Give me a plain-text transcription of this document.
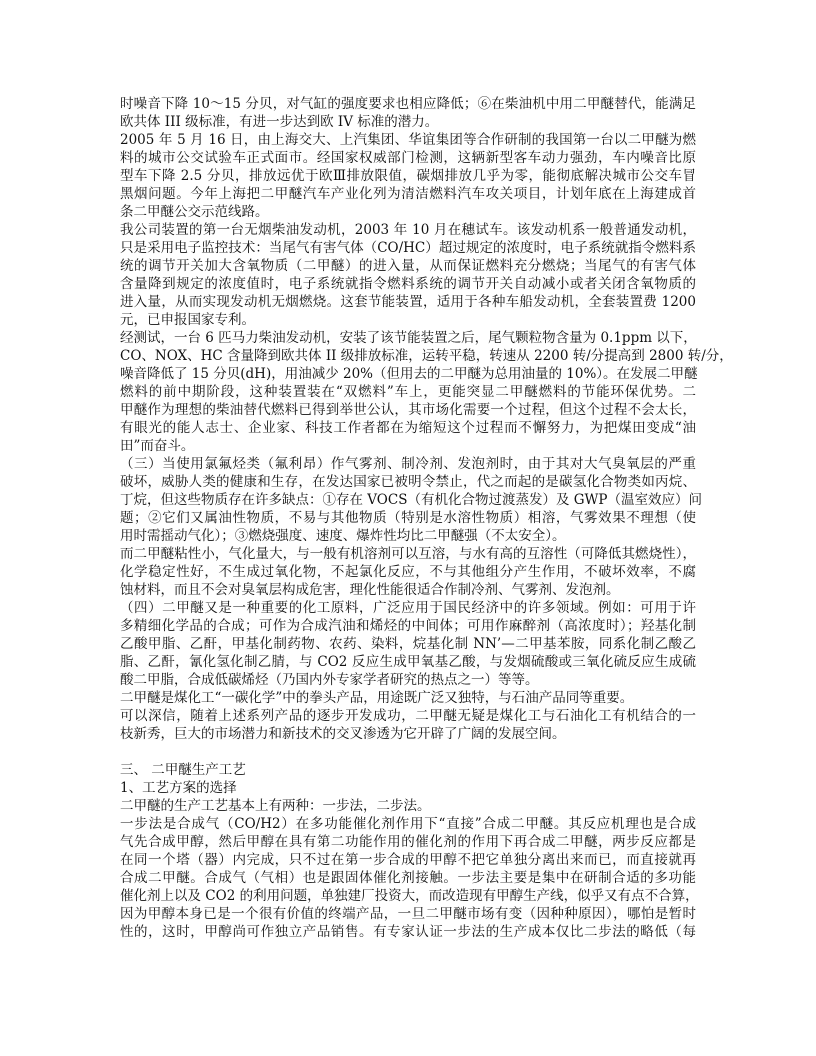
时噪音下降 10～15 分贝，对气缸的强度要求也相应降低；⑥在柴油机中用二甲醚替代，能满足
欧共体 III 级标准，有进一步达到欧 IV 标准的潜力。
2005 年 5 月 16 日，由上海交大、上汽集团、华谊集团等合作研制的我国第一台以二甲醚为燃
料的城市公交试验车正式面市。经国家权威部门检测，这辆新型客车动力强劲，车内噪音比原
型车下降 2.5 分贝，排放远优于欧Ⅲ排放限值，碳烟排放几乎为零，能彻底解决城市公交车冒
黑烟问题。今年上海把二甲醚汽车产业化列为清洁燃料汽车攻关项目，计划年底在上海建成首
条二甲醚公交示范线路。
我公司装置的第一台无烟柴油发动机，2003 年 10 月在穗试车。该发动机系一般普通发动机，
只是采用电子监控技术：当尾气有害气体（CO/HC）超过规定的浓度时，电子系统就指令燃料系
统的调节开关加大含氧物质（二甲醚）的进入量，从而保证燃料充分燃烧；当尾气的有害气体
含量降到规定的浓度值时，电子系统就指令燃料系统的调节开关自动减小或者关闭含氧物质的
进入量，从而实现发动机无烟燃烧。这套节能装置，适用于各种车船发动机，全套装置费 1200
元，已申报国家专利。
经测试，一台 6 匹马力柴油发动机，安装了该节能装置之后，尾气颗粒物含量为 0.1ppm 以下，
CO、NOX、HC 含量降到欧共体 II 级排放标准，运转平稳，转速从 2200 转/分提高到 2800 转/分，
噪音降低了 15 分贝(dH)，用油减少 20%（但用去的二甲醚为总用油量的 10%）。在发展二甲醚
燃料的前中期阶段，这种装置装在“双燃料”车上，更能突显二甲醚燃料的节能环保优势。二
甲醚作为理想的柴油替代燃料已得到举世公认，其市场化需要一个过程，但这个过程不会太长，
有眼光的能人志士、企业家、科技工作者都在为缩短这个过程而不懈努力，为把煤田变成“油
田”而奋斗。
（三）当使用氯氟烃类（氟利昂）作气雾剂、制冷剂、发泡剂时，由于其对大气臭氧层的严重
破坏，威胁人类的健康和生存，在发达国家已被明令禁止，代之而起的是碳氢化合物类如丙烷、
丁烷，但这些物质存在许多缺点：①存在 VOCS（有机化合物过渡蒸发）及 GWP（温室效应）问
题；②它们又属油性物质，不易与其他物质（特别是水溶性物质）相溶，气雾效果不理想（使
用时需摇动气化）；③燃烧强度、速度、爆炸性均比二甲醚强（不太安全）。
而二甲醚粘性小，气化量大，与一般有机溶剂可以互溶，与水有高的互溶性（可降低其燃烧性），
化学稳定性好，不生成过氧化物，不起氯化反应，不与其他组分产生作用，不破坏效率，不腐
蚀材料，而且不会对臭氧层构成危害，理化性能很适合作制冷剂、气雾剂、发泡剂。
（四）二甲醚又是一种重要的化工原料，广泛应用于国民经济中的许多领域。例如：可用于许
多精细化学品的合成；可作为合成汽油和烯烃的中间体；可用作麻醉剂（高浓度时）；羟基化制
乙酸甲脂、乙酐，甲基化制药物、农药、染料，烷基化制 NN’—二甲基苯胺，同系化制乙酸乙
脂、乙酐，氰化氢化制乙腈，与 CO2 反应生成甲氧基乙酸，与发烟硫酸或三氧化硫反应生成硫
酸二甲脂，合成低碳烯烃（乃国内外专家学者研究的热点之一）等等。
二甲醚是煤化工“一碳化学”中的拳头产品，用途既广泛又独特，与石油产品同等重要。
可以深信，随着上述系列产品的逐步开发成功，二甲醚无疑是煤化工与石油化工有机结合的一
枝新秀，巨大的市场潜力和新技术的交叉渗透为它开辟了广阔的发展空间。
三、 二甲醚生产工艺
1、工艺方案的选择
二甲醚的生产工艺基本上有两种：一步法，二步法。
一步法是合成气（CO/H2）在多功能催化剂作用下“直接”合成二甲醚。其反应机理也是合成
气先合成甲醇，然后甲醇在具有第二功能作用的催化剂的作用下再合成二甲醚，两步反应都是
在同一个塔（器）内完成，只不过在第一步合成的甲醇不把它单独分离出来而已，而直接就再
合成二甲醚。合成气（气相）也是跟固体催化剂接触。一步法主要是集中在研制合适的多功能
催化剂上以及 CO2 的利用问题，单独建厂投资大，而改造现有甲醇生产线，似乎又有点不合算，
因为甲醇本身已是一个很有价值的终端产品，一旦二甲醚市场有变（因种种原因），哪怕是暂时
性的，这时，甲醇尚可作独立产品销售。有专家认证一步法的生产成本仅比二步法的略低（每
